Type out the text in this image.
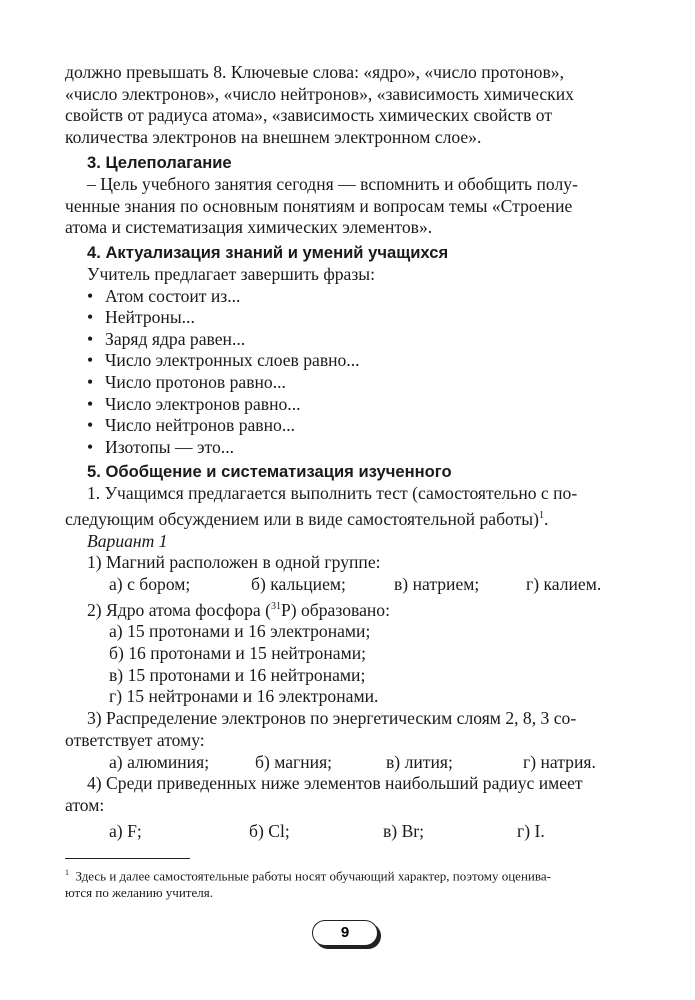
должно превышать 8. Ключевые слова: «ядро», «число протонов»,

«число электронов», «число нейтронов», «зависимость химических

свойств от радиуса атома», «зависимость химических свойств от

количества электронов на внешнем электронном слое».

3. Целеполагание

– Цель учебного занятия сегодня — вспомнить и обобщить полу-

ченные знания по основным понятиям и вопросам темы «Строение

атома и систематизация химических элементов».

4. Актуализация знаний и умений учащихся

Учитель предлагает завершить фразы:

• Атом состоит из...
• Нейтроны...
• Заряд ядра равен...
• Число электронных слоев равно...
• Число протонов равно...
• Число электронов равно...
• Число нейтронов равно...
• Изотопы — это...
5. Обобщение и систематизация изученного

1. Учащимся предлагается выполнить тест (самостоятельно с по-

следующим обсуждением или в виде самостоятельной работы)$^1$.

Вариант 1

1) Магний расположен в одной группе:

а) с бором;	б) кальцием;	в) натрием;	г) калием.

2) Ядро атома фосфора ($^{31}$P) образовано:

а) 15 протонами и 16 электронами;

б) 16 протонами и 15 нейтронами;

в) 15 протонами и 16 нейтронами;

г) 15 нейтронами и 16 электронами.

3) Распределение электронов по энергетическим слоям 2, 8, 3 со-

ответствует атому:

а) алюминия;	б) магния;	в) лития;	г) натрия.

4) Среди приведенных ниже элементов наибольший радиус имеет

атом:

а) F;	б) Cl;	в) Br;	г) I.

$^1$ Здесь и далее самостоятельные работы носят обучающий характер, поэтому оценива-

ются по желанию учителя.

9
